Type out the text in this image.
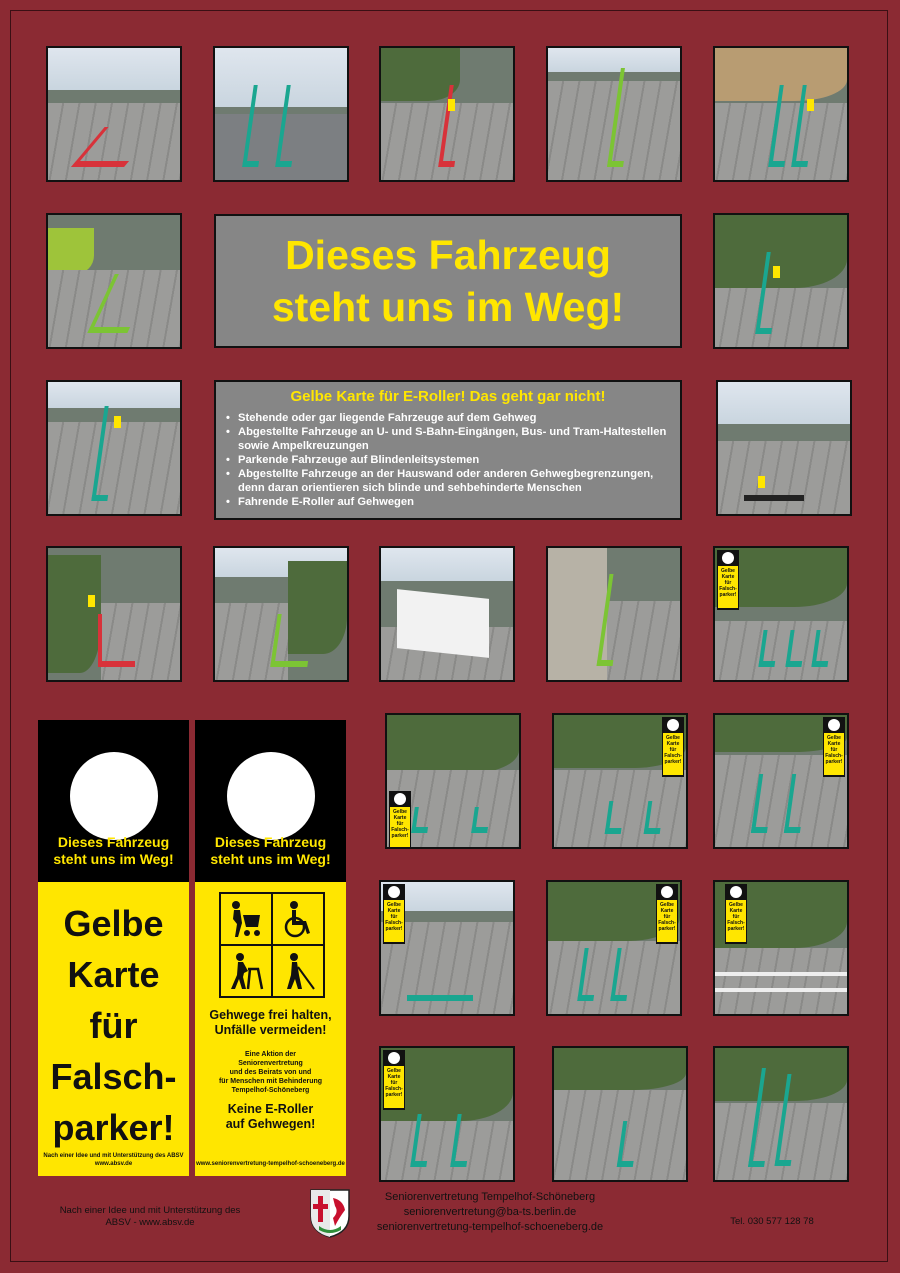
Dieses Fahrzeug
steht uns im Weg!
Gelbe Karte für E-Roller! Das geht gar nicht!
• Stehende oder gar liegende Fahrzeuge auf dem Gehweg
• Abgestellte Fahrzeuge an U- und S-Bahn-Eingängen, Bus- und Tram-Haltestellen sowie Ampelkreuzungen
• Parkende Fahrzeuge auf Blindenleitsystemen
• Abgestellte Fahrzeuge an der Hauswand oder anderen Gehwegbegrenzungen, denn daran orientieren sich blinde und sehbehinderte Menschen
• Fahrende E-Roller auf Gehwegen
Gelbe
Karte
für
Falsch-
parker!
Dieses Fahrzeug
steht uns im Weg!
Gelbe
Karte
für
Falsch-
parker!
Nach einer Idee und mit Unterstützung des ABSV
www.absv.de
Dieses Fahrzeug
steht uns im Weg!
Gehwege frei halten,
Unfälle vermeiden!
Eine Aktion der
Seniorenvertretung
und des Beirats von und
für Menschen mit Behinderung
Tempelhof-Schöneberg
Keine E-Roller
auf Gehwegen!
www.seniorenvertretung-tempelhof-schoeneberg.de
Gelbe
Karte
für
Falsch-
parker!
Gelbe
Karte
für
Falsch-
parker!
Gelbe
Karte
für
Falsch-
parker!
Gelbe
Karte
für
Falsch-
parker!
Gelbe
Karte
für
Falsch-
parker!
Gelbe
Karte
für
Falsch-
parker!
Gelbe
Karte
für
Falsch-
parker!
Nach einer Idee und mit Unterstützung des
ABSV - www.absv.de
Seniorenvertretung Tempelhof-Schöneberg
seniorenvertretung@ba-ts.berlin.de
seniorenvertretung-tempelhof-schoeneberg.de	Tel. 030 577 128 78
